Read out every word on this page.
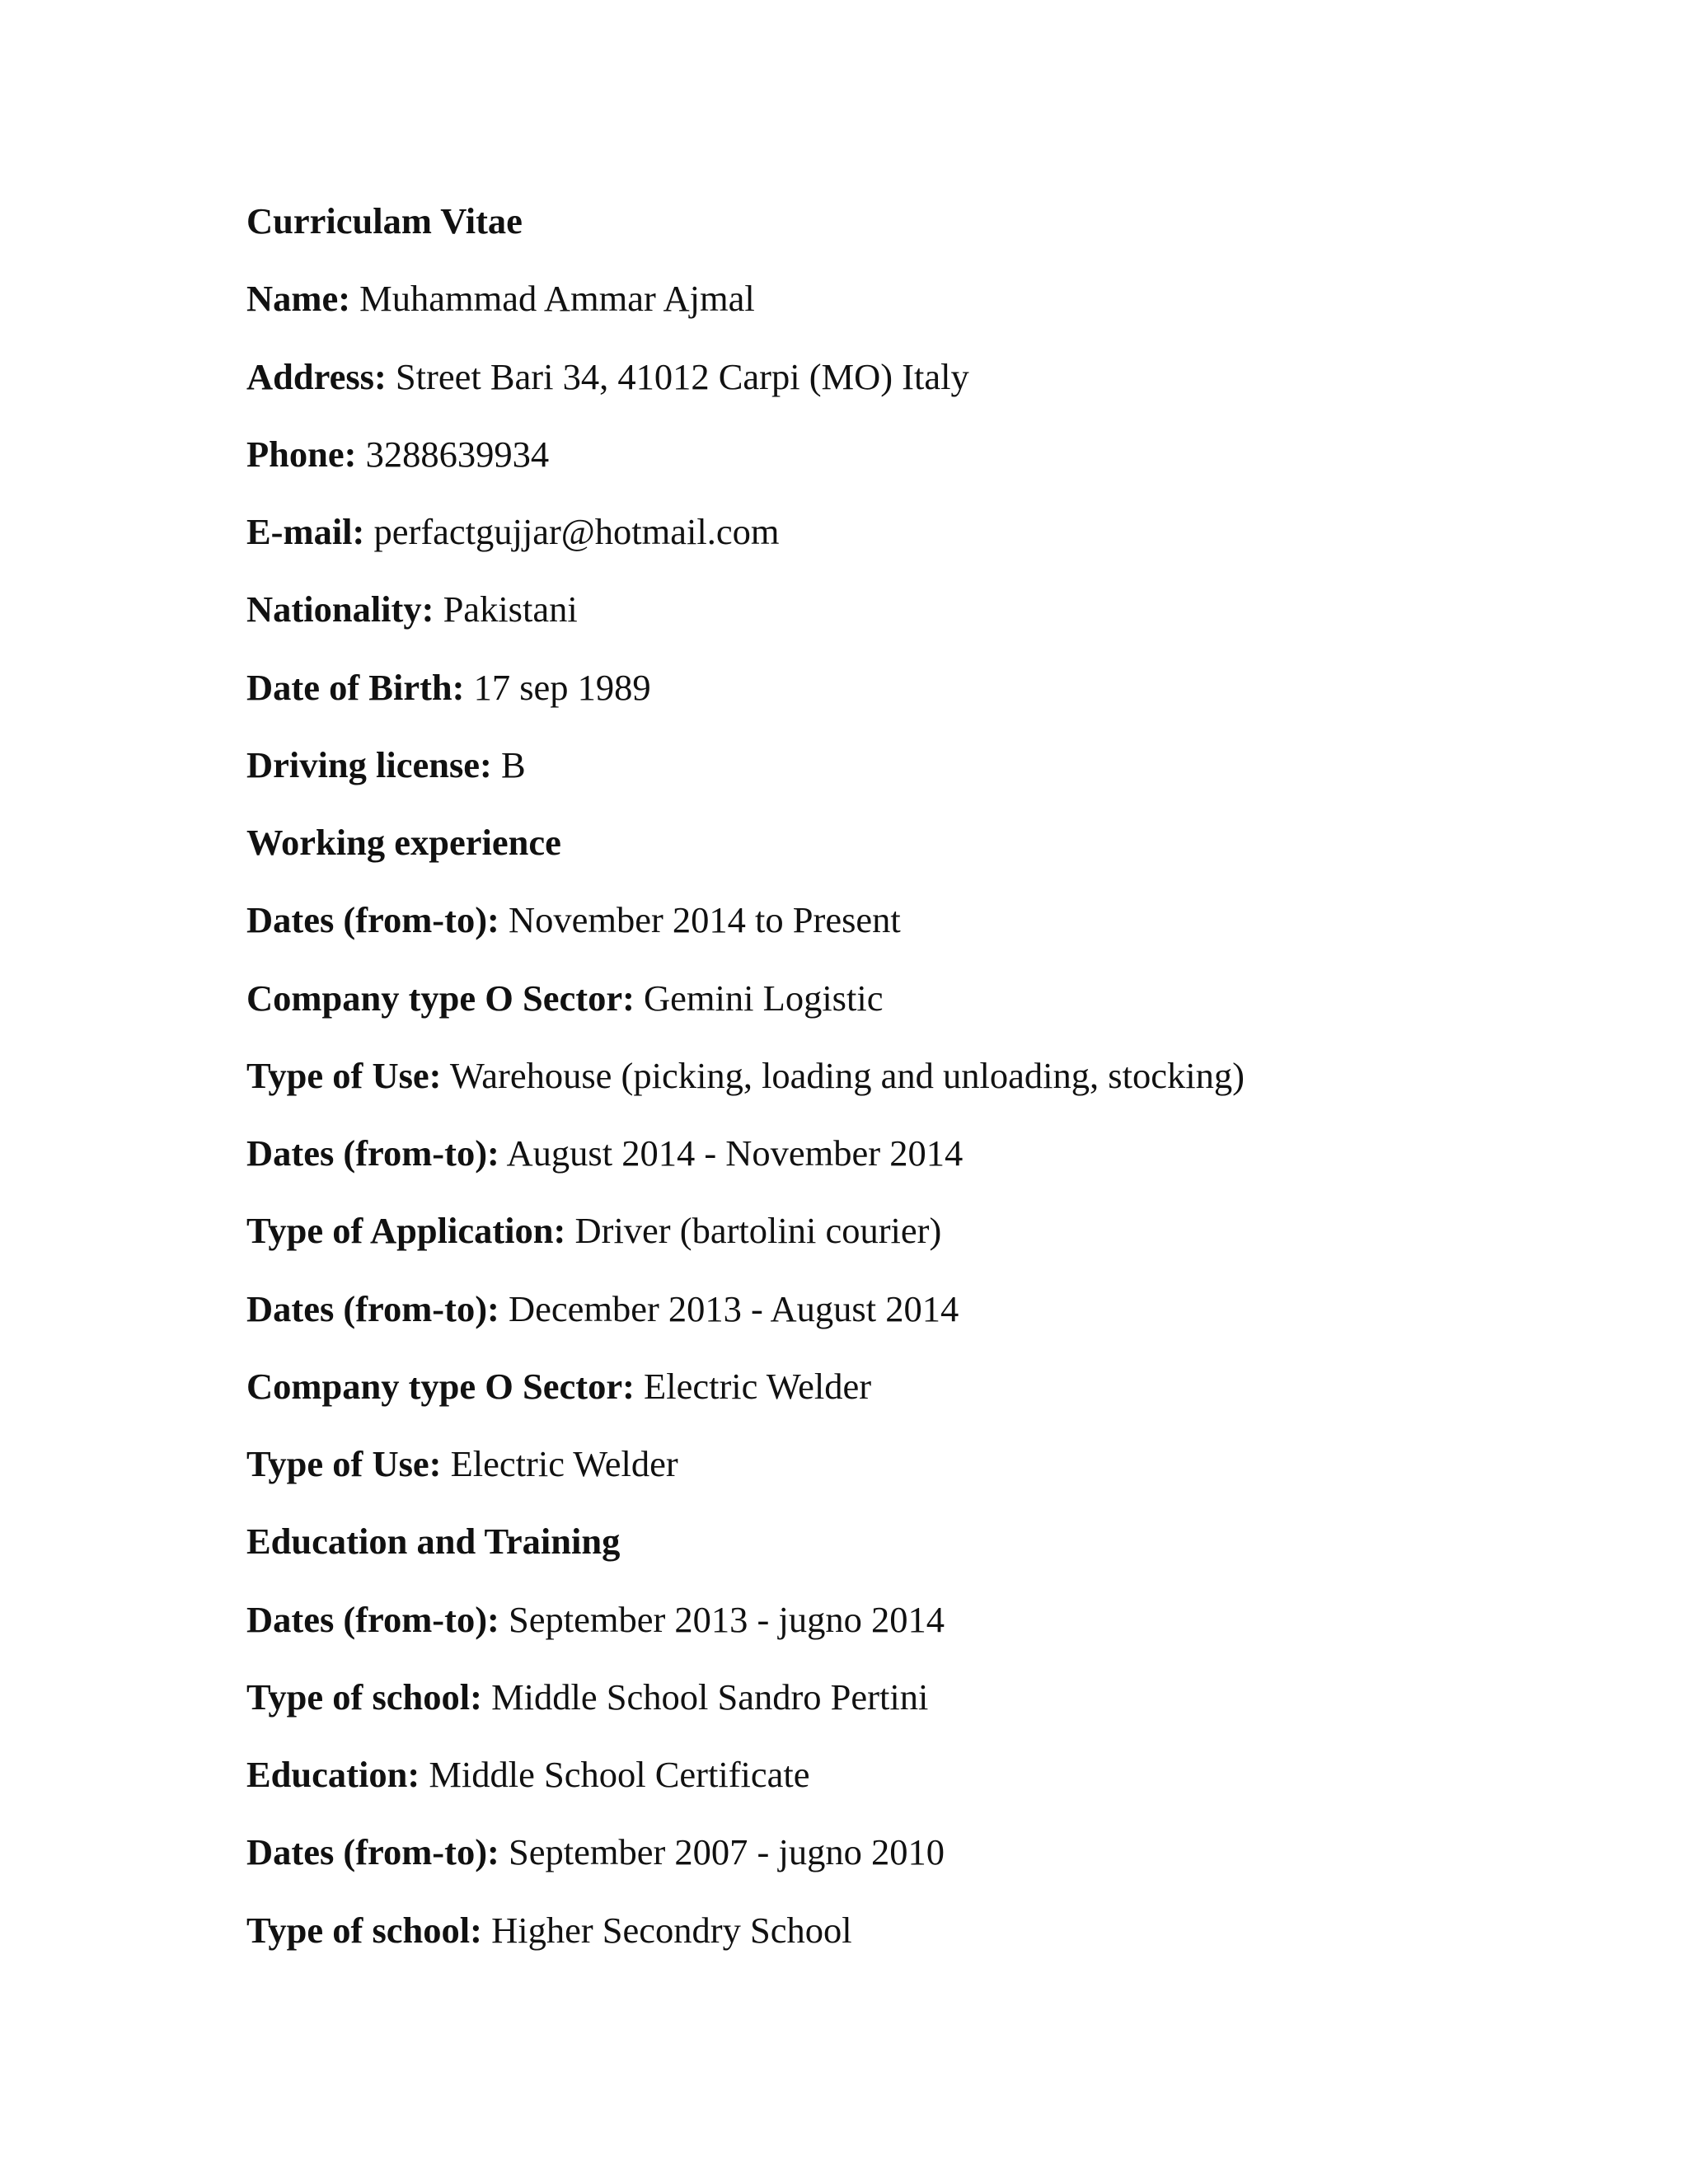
Curriculam Vitae
Name: Muhammad Ammar Ajmal
Address: Street Bari 34, 41012 Carpi (MO) Italy
Phone: 3288639934
E-mail: perfactgujjar@hotmail.com
Nationality: Pakistani
Date of Birth: 17 sep 1989
Driving license: B
Working experience
Dates (from-to): November 2014 to Present
Company type O Sector: Gemini Logistic
Type of Use: Warehouse (picking, loading and unloading, stocking)
Dates (from-to): August 2014 - November 2014
Type of Application: Driver (bartolini courier)
Dates (from-to): December 2013 - August 2014
Company type O Sector: Electric Welder
Type of Use: Electric Welder
Education and Training
Dates (from-to): September 2013 - jugno 2014
Type of school: Middle School Sandro Pertini
Education: Middle School Certificate
Dates (from-to): September 2007 - jugno 2010
Type of school: Higher Secondry School
